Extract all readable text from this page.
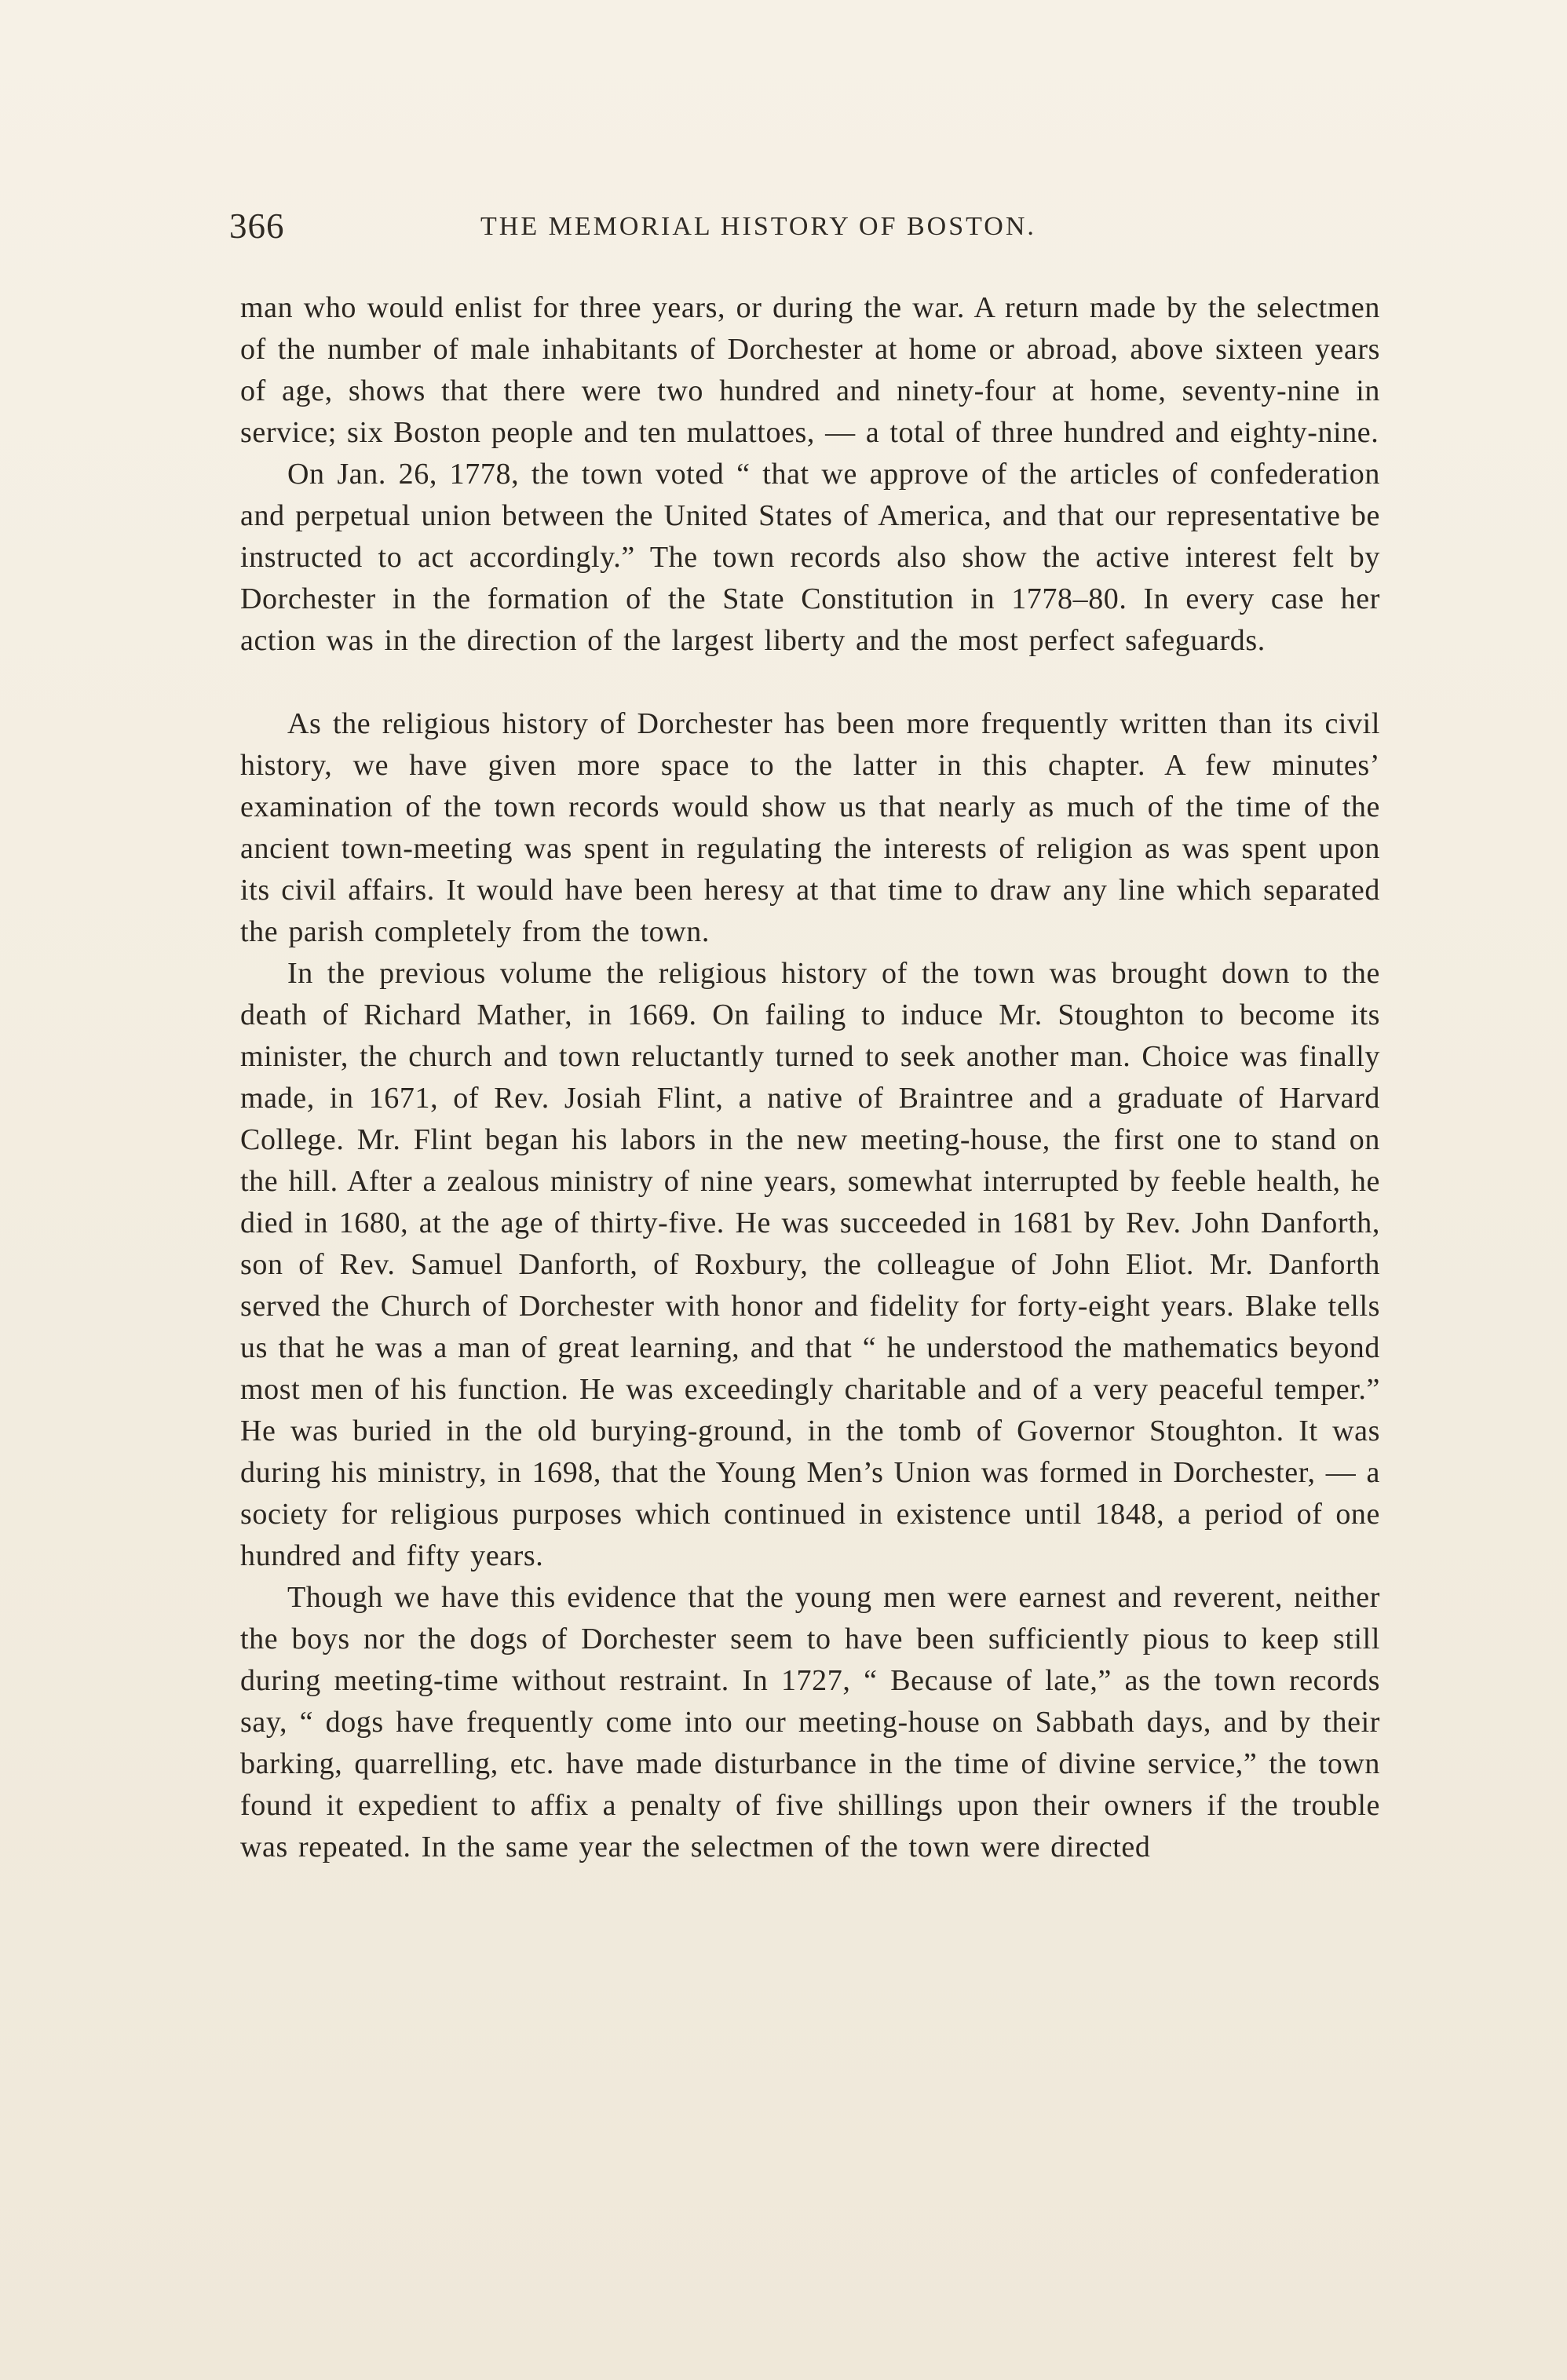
366	THE MEMORIAL HISTORY OF BOSTON.

man who would enlist for three years, or during the war. A return made by the selectmen of the number of male inhabitants of Dorchester at home or abroad, above sixteen years of age, shows that there were two hundred and ninety-four at home, seventy-nine in service; six Boston people and ten mulattoes, — a total of three hundred and eighty-nine.

On Jan. 26, 1778, the town voted “ that we approve of the articles of confederation and perpetual union between the United States of America, and that our representative be instructed to act accordingly.” The town records also show the active interest felt by Dorchester in the formation of the State Constitution in 1778–80. In every case her action was in the direction of the largest liberty and the most perfect safeguards.

As the religious history of Dorchester has been more frequently written than its civil history, we have given more space to the latter in this chapter. A few minutes’ examination of the town records would show us that nearly as much of the time of the ancient town-meeting was spent in regulating the interests of religion as was spent upon its civil affairs. It would have been heresy at that time to draw any line which separated the parish completely from the town.

In the previous volume the religious history of the town was brought down to the death of Richard Mather, in 1669. On failing to induce Mr. Stoughton to become its minister, the church and town reluctantly turned to seek another man. Choice was finally made, in 1671, of Rev. Josiah Flint, a native of Braintree and a graduate of Harvard College. Mr. Flint began his labors in the new meeting-house, the first one to stand on the hill. After a zealous ministry of nine years, somewhat interrupted by feeble health, he died in 1680, at the age of thirty-five. He was succeeded in 1681 by Rev. John Danforth, son of Rev. Samuel Danforth, of Roxbury, the colleague of John Eliot. Mr. Danforth served the Church of Dorchester with honor and fidelity for forty-eight years. Blake tells us that he was a man of great learning, and that “ he understood the mathematics beyond most men of his function. He was exceedingly charitable and of a very peaceful temper.” He was buried in the old burying-ground, in the tomb of Governor Stoughton. It was during his ministry, in 1698, that the Young Men’s Union was formed in Dorchester, — a society for religious purposes which continued in existence until 1848, a period of one hundred and fifty years.

Though we have this evidence that the young men were earnest and reverent, neither the boys nor the dogs of Dorchester seem to have been sufficiently pious to keep still during meeting-time without restraint. In 1727, “ Because of late,” as the town records say, “ dogs have frequently come into our meeting-house on Sabbath days, and by their barking, quarrelling, etc. have made disturbance in the time of divine service,” the town found it expedient to affix a penalty of five shillings upon their owners if the trouble was repeated. In the same year the selectmen of the town were directed
